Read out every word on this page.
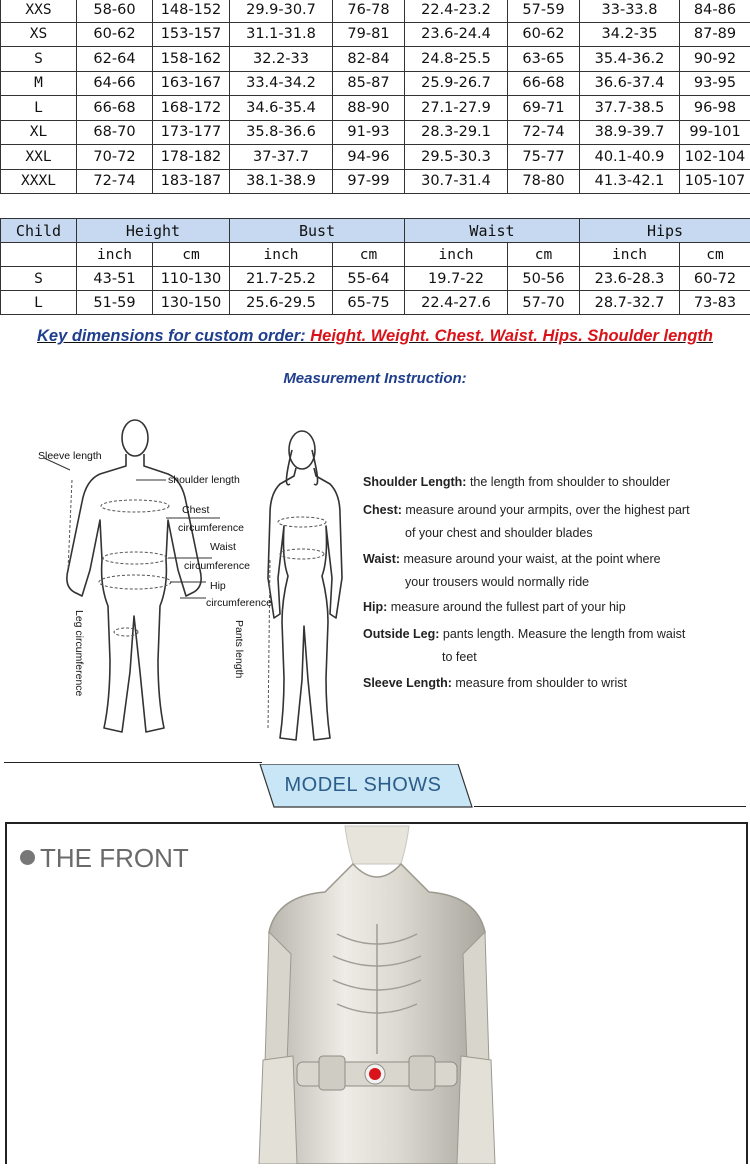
XXS	58-60	148-152	29.9-30.7	76-78	22.4-23.2	57-59	33-33.8	84-86
XS	60-62	153-157	31.1-31.8	79-81	23.6-24.4	60-62	34.2-35	87-89
S	62-64	158-162	32.2-33	82-84	24.8-25.5	63-65	35.4-36.2	90-92
M	64-66	163-167	33.4-34.2	85-87	25.9-26.7	66-68	36.6-37.4	93-95
L	66-68	168-172	34.6-35.4	88-90	27.1-27.9	69-71	37.7-38.5	96-98
XL	68-70	173-177	35.8-36.6	91-93	28.3-29.1	72-74	38.9-39.7	99-101
XXL	70-72	178-182	37-37.7	94-96	29.5-30.3	75-77	40.1-40.9	102-104
XXXL	72-74	183-187	38.1-38.9	97-99	30.7-31.4	78-80	41.3-42.1	105-107
Child	Height		Bust		Waist		Hips	
	inch	cm	inch	cm	inch	cm	inch	cm
S	43-51	110-130	21.7-25.2	55-64	19.7-22	50-56	23.6-28.3	60-72
L	51-59	130-150	25.6-29.5	65-75	22.4-27.6	57-70	28.7-32.7	73-83
Key dimensions for custom order: Height. Weight. Chest. Waist. Hips. Shoulder length
Measurement Instruction:
Sleeve length
shoulder length
Chest
circumference
Waist
circumference
Hip
circumference
Leg circumference	Pants length
Shoulder Length: the length from shoulder to shoulder
Chest: measure around your armpits, over the highest part
of your chest and shoulder blades
Waist: measure around your waist, at the point where
your trousers would normally ride
Hip: measure around the fullest part of your hip
Outside Leg: pants length. Measure the length from waist
to feet
Sleeve Length: measure from shoulder to wrist
MODEL SHOWS
THE FRONT
